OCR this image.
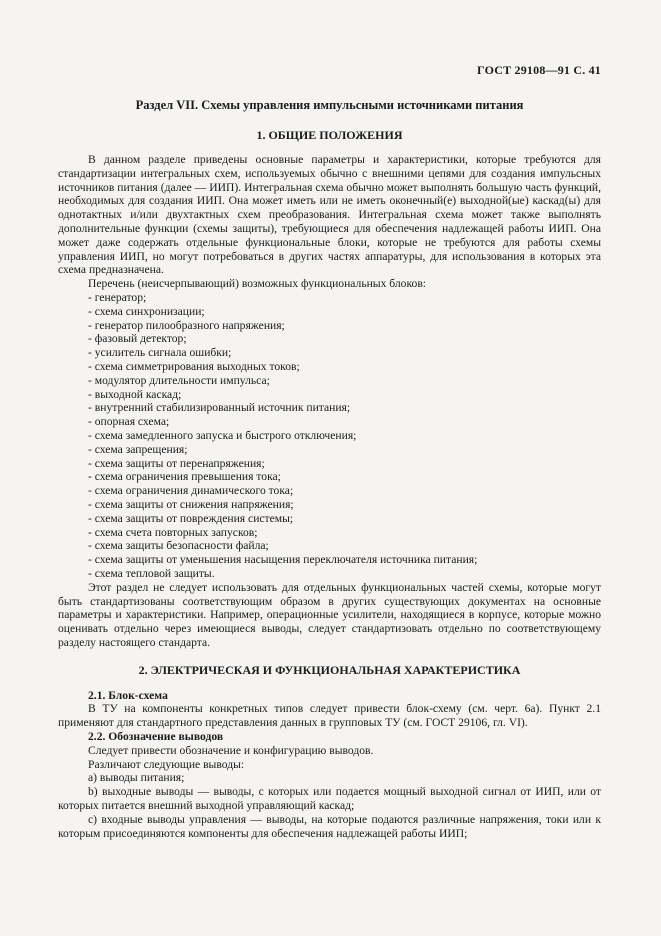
ГОСТ 29108—91 С. 41
Раздел VII. Схемы управления импульсными источниками питания
1. ОБЩИЕ ПОЛОЖЕНИЯ

В данном разделе приведены основные параметры и характеристики, которые требуются для стандартизации интегральных схем, используемых обычно с внешними цепями для создания импульсных источников питания (далее — ИИП). Интегральная схема обычно может выполнять большую часть функций, необходимых для создания ИИП. Она может иметь или не иметь оконечный(е) выходной(ые) каскад(ы) для однотактных и/или двухтактных схем преобразования. Интегральная схема может также выполнять дополнительные функции (схемы защиты), требующиеся для обеспечения надлежащей работы ИИП. Она может даже содержать отдельные функциональные блоки, которые не требуются для работы схемы управления ИИП, но могут потребоваться в других частях аппаратуры, для использования в которых эта схема предназначена.

Перечень (неисчерпывающий) возможных функциональных блоков:

- генератор;
- схема синхронизации;
- генератор пилообразного напряжения;
- фазовый детектор;
- усилитель сигнала ошибки;
- схема симметрирования выходных токов;
- модулятор длительности импульса;
- выходной каскад;
- внутренний стабилизированный источник питания;
- опорная схема;
- схема замедленного запуска и быстрого отключения;
- схема запрещения;
- схема защиты от перенапряжения;
- схема ограничения превышения тока;
- схема ограничения динамического тока;
- схема защиты от снижения напряжения;
- схема защиты от повреждения системы;
- схема счета повторных запусков;
- схема защиты безопасности файла;
- схема защиты от уменьшения насыщения переключателя источника питания;
- схема тепловой защиты.

Этот раздел не следует использовать для отдельных функциональных частей схемы, которые могут быть стандартизованы соответствующим образом в других существующих документах на основные параметры и характеристики. Например, операционные усилители, находящиеся в корпусе, которые можно оценивать отдельно через имеющиеся выводы, следует стандартизовать отдельно по соответствующему разделу настоящего стандарта.

2. ЭЛЕКТРИЧЕСКАЯ И ФУНКЦИОНАЛЬНАЯ ХАРАКТЕРИСТИКА
2.1. Блок-схема

В ТУ на компоненты конкретных типов следует привести блок-схему (см. черт. 6а). Пункт 2.1 применяют для стандартного представления данных в групповых ТУ (см. ГОСТ 29106, гл. VI).

2.2. Обозначение выводов

Следует привести обозначение и конфигурацию выводов.

Различают следующие выводы:

a) выводы питания;

b) выходные выводы — выводы, с которых или подается мощный выходной сигнал от ИИП, или от которых питается внешний выходной управляющий каскад;

c) входные выводы управления — выводы, на которые подаются различные напряжения, токи или к которым присоединяются компоненты для обеспечения надлежащей работы ИИП;
